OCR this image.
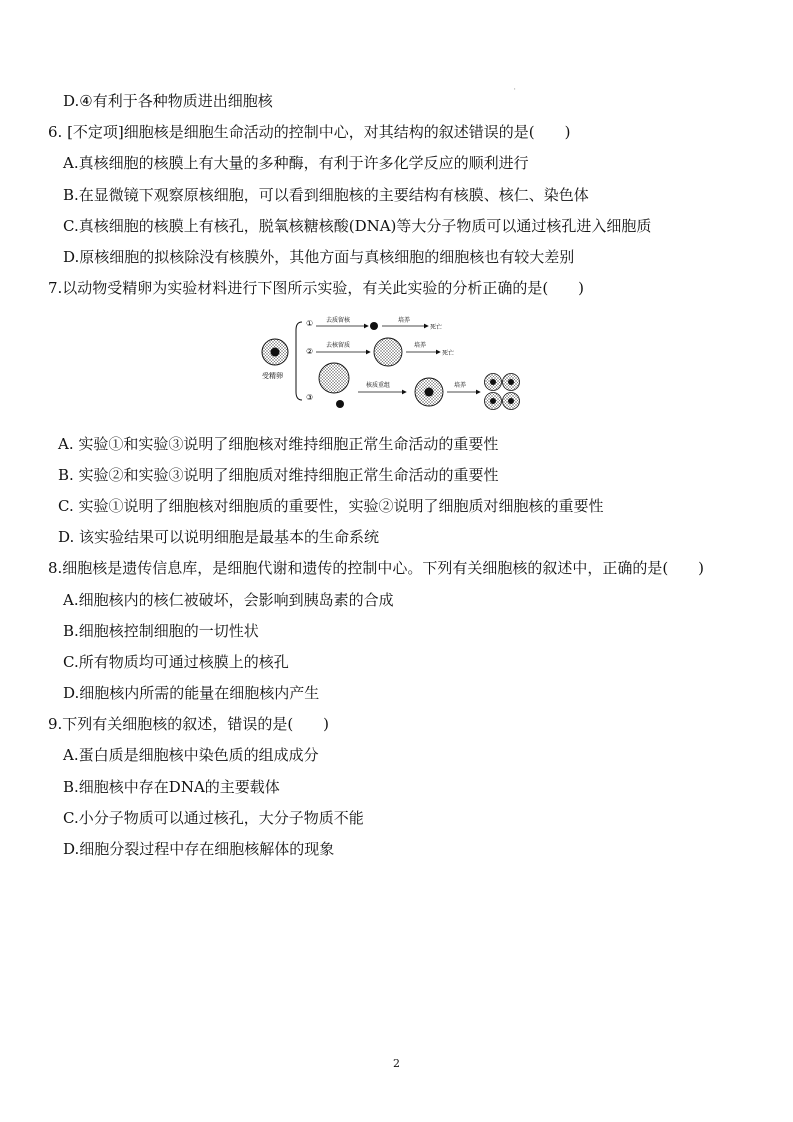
'
D.④有利于各种物质进出细胞核
6. [不定项]细胞核是细胞生命活动的控制中心，对其结构的叙述错误的是(　　)
A.真核细胞的核膜上有大量的多种酶，有利于许多化学反应的顺利进行
B.在显微镜下观察原核细胞，可以看到细胞核的主要结构有核膜、核仁、染色体
C.真核细胞的核膜上有核孔，脱氧核糖核酸(DNA)等大分子物质可以通过核孔进入细胞质
D.原核细胞的拟核除没有核膜外，其他方面与真核细胞的细胞核也有较大差别
7.以动物受精卵为实验材料进行下图所示实验，有关此实验的分析正确的是(　　)
受精卵
① 去质留核	培养
死亡
②
去核留质	培养
死亡
③
核质重组	培养
A. 实验①和实验③说明了细胞核对维持细胞正常生命活动的重要性
B. 实验②和实验③说明了细胞质对维持细胞正常生命活动的重要性
C. 实验①说明了细胞核对细胞质的重要性，实验②说明了细胞质对细胞核的重要性
D. 该实验结果可以说明细胞是最基本的生命系统
8.细胞核是遗传信息库，是细胞代谢和遗传的控制中心。下列有关细胞核的叙述中，正确的是(　　)
A.细胞核内的核仁被破坏，会影响到胰岛素的合成
B.细胞核控制细胞的一切性状
C.所有物质均可通过核膜上的核孔
D.细胞核内所需的能量在细胞核内产生
9.下列有关细胞核的叙述，错误的是(　　)
A.蛋白质是细胞核中染色质的组成成分
B.细胞核中存在DNA的主要载体
C.小分子物质可以通过核孔，大分子物质不能
D.细胞分裂过程中存在细胞核解体的现象
2
